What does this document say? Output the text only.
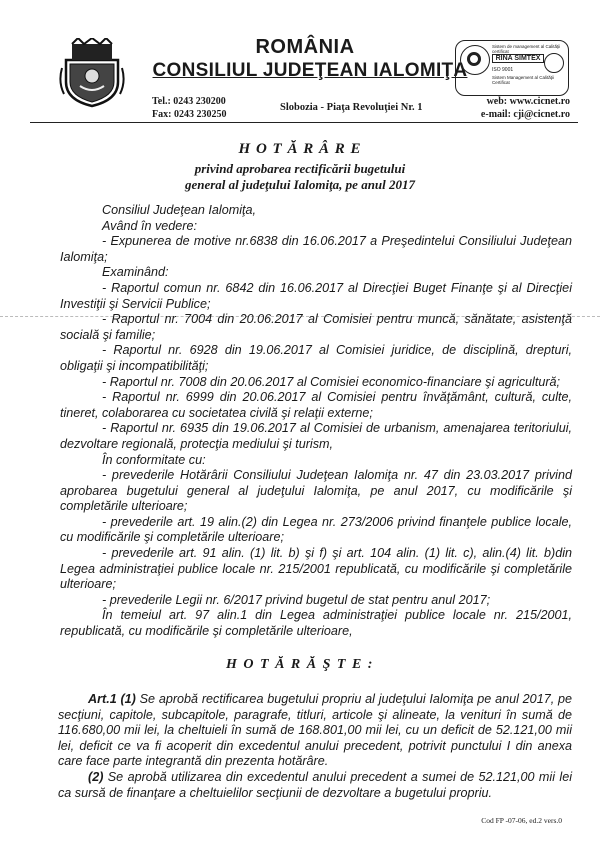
ROMÂNIA
CONSILIUL JUDEŢEAN IALOMIŢA
Sistem de management al Calităţii certificat
RINA SIMTEX
ISO 9001
Sistem Management al Calităţii Certificat
Tel.: 0243 230200
Fax: 0243 230250
Slobozia - Piaţa Revoluţiei Nr. 1
web: www.cicnet.ro
e-mail: cji@cicnet.ro
H O T Ă R Â R E
privind aprobarea rectificării bugetului
general al judeţului Ialomiţa, pe anul 2017

Consiliul Judeţean Ialomiţa,

Având în vedere:

- Expunerea de motive nr.6838 din 16.06.2017 a Preşedintelui Consiliului Judeţean Ialomiţa;

Examinând:

- Raportul comun nr. 6842 din 16.06.2017 al Direcţiei Buget Finanţe şi al Direcţiei Investiţii şi Servicii Publice;

- Raportul nr. 7004 din 20.06.2017 al Comisiei pentru muncă, sănătate, asistenţă socială şi familie;

- Raportul nr. 6928 din 19.06.2017 al Comisiei juridice, de disciplină, drepturi, obligaţii şi incompatibilităţi;

- Raportul nr. 7008 din 20.06.2017 al Comisiei economico-financiare şi agricultură;

- Raportul nr. 6999 din 20.06.2017 al Comisiei pentru învăţământ, cultură, culte, tineret, colaborarea cu societatea civilă şi relaţii externe;

- Raportul nr. 6935 din 19.06.2017 al Comisiei de urbanism, amenajarea teritoriului, dezvoltare regională, protecţia mediului şi turism,

În conformitate cu:

- prevederile Hotărârii Consiliului Judeţean Ialomiţa nr. 47 din 23.03.2017 privind aprobarea bugetului general al judeţului Ialomiţa, pe anul 2017, cu modificările şi completările ulterioare;

- prevederile art. 19 alin.(2) din Legea nr. 273/2006 privind finanţele publice locale, cu modificările şi completările ulterioare;

- prevederile art. 91 alin. (1) lit. b) şi f) şi art. 104 alin. (1) lit. c), alin.(4) lit. b)din Legea administraţiei publice locale nr. 215/2001 republicată, cu modificările şi completările ulterioare;

- prevederile Legii nr. 6/2017 privind bugetul de stat pentru anul 2017;

În temeiul art. 97 alin.1 din Legea administraţiei publice locale nr. 215/2001, republicată, cu modificările şi completările ulterioare,

H O T Ă R Ă Ş T E :

Art.1 (1) Se aprobă rectificarea bugetului propriu al judeţului Ialomiţa pe anul 2017, pe secţiuni, capitole, subcapitole, paragrafe, titluri, articole şi alineate, la venituri în sumă de 116.680,00 mii lei, la cheltuieli în sumă de 168.801,00 mii lei, cu un deficit de 52.121,00 mii lei, deficit ce va fi acoperit din excedentul anului precedent, potrivit punctului I din anexa care face parte integrantă din prezenta hotărâre.

(2) Se aprobă utilizarea din excedentul anului precedent a sumei de 52.121,00 mii lei ca sursă de finanţare a cheltuielilor secţiunii de dezvoltare a bugetului propriu.

Cod FP -07-06, ed.2 vers.0
